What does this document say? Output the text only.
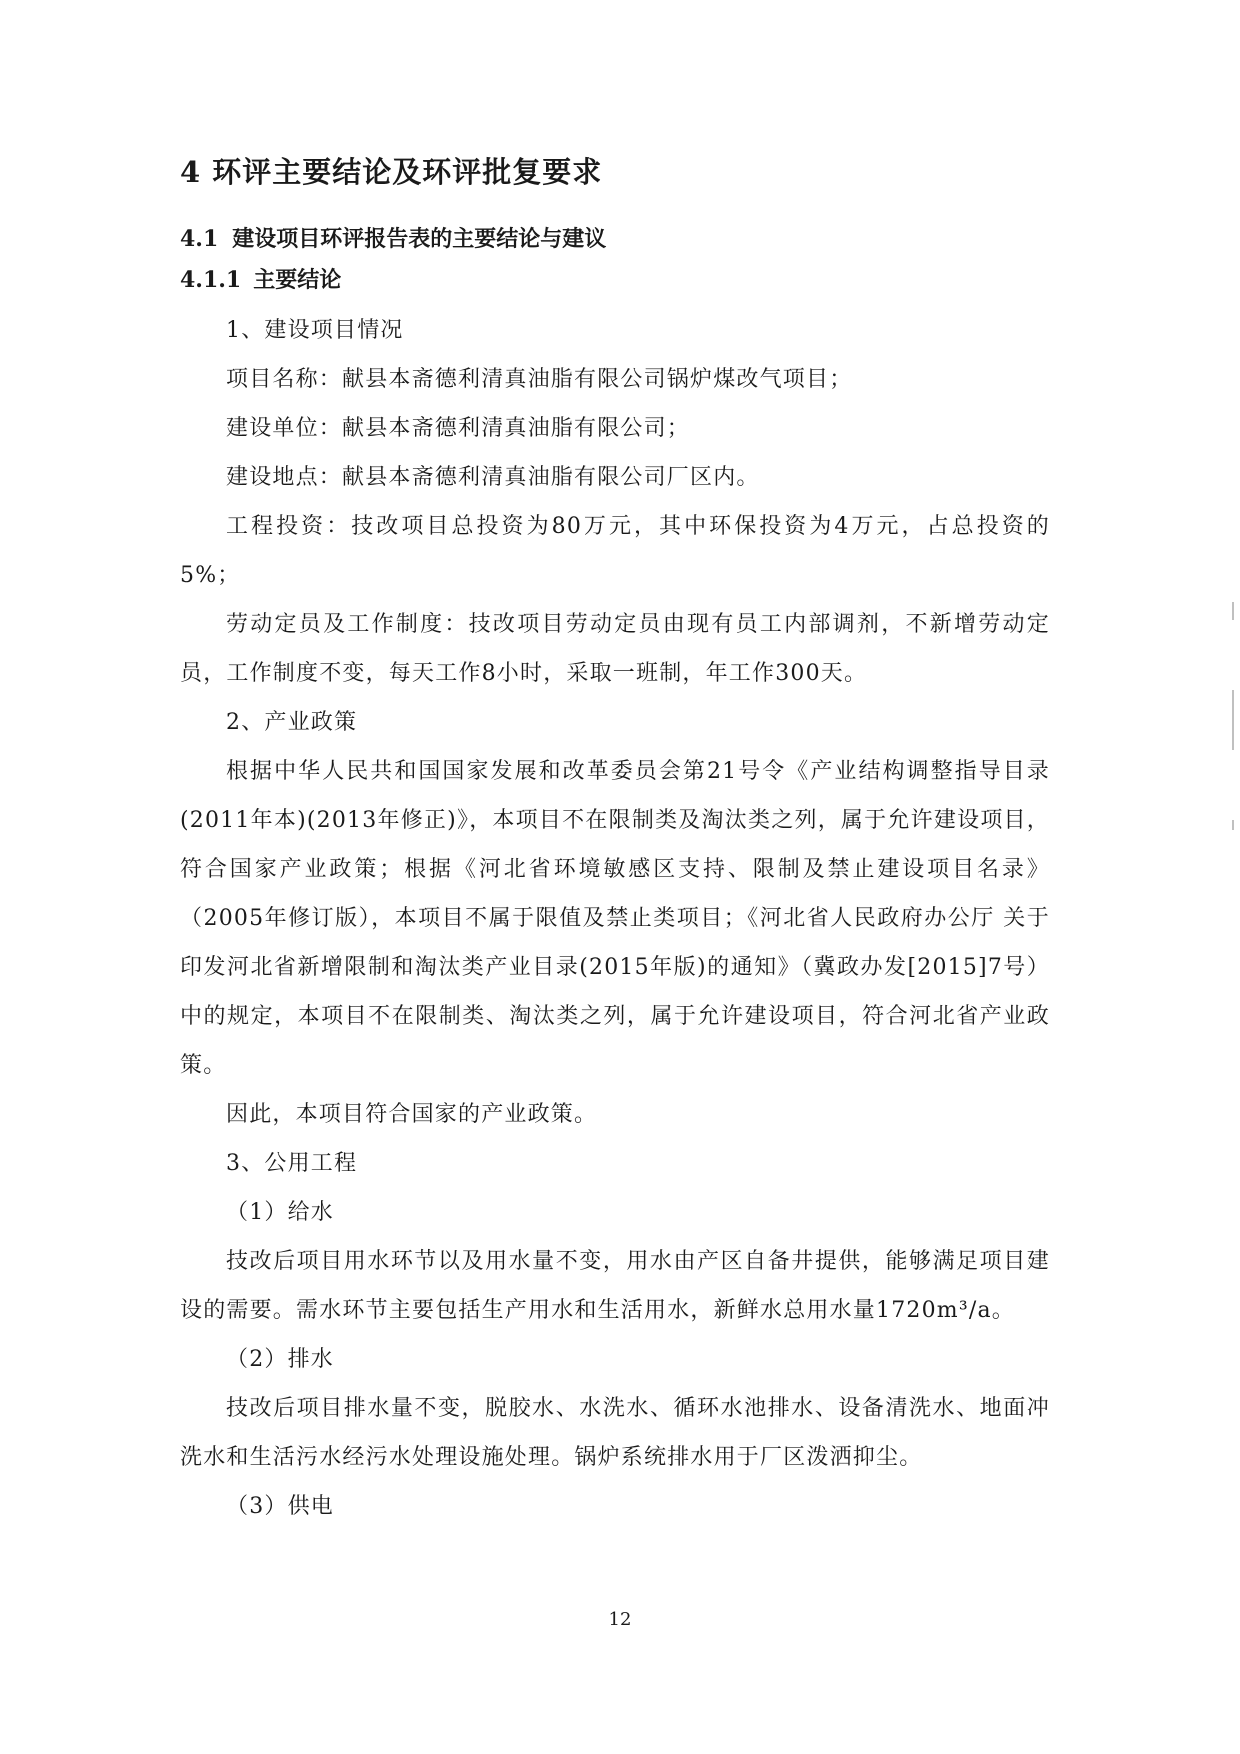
4 环评主要结论及环评批复要求
4.1 建设项目环评报告表的主要结论与建议
4.1.1 主要结论

1、建设项目情况

项目名称：献县本斋德利清真油脂有限公司锅炉煤改气项目；

建设单位：献县本斋德利清真油脂有限公司；

建设地点：献县本斋德利清真油脂有限公司厂区内。

工程投资：技改项目总投资为80万元，其中环保投资为4万元，占总投资的5%；

劳动定员及工作制度：技改项目劳动定员由现有员工内部调剂，不新增劳动定员，工作制度不变，每天工作8小时，采取一班制，年工作300天。

2、产业政策

根据中华人民共和国国家发展和改革委员会第21号令《产业结构调整指导目录(2011年本)(2013年修正)》，本项目不在限制类及淘汰类之列，属于允许建设项目，符合国家产业政策；根据《河北省环境敏感区支持、限制及禁止建设项目名录》（2005年修订版），本项目不属于限值及禁止类项目；《河北省人民政府办公厅 关于印发河北省新增限制和淘汰类产业目录(2015年版)的通知》（冀政办发[2015]7号）中的规定，本项目不在限制类、淘汰类之列，属于允许建设项目，符合河北省产业政策。

因此，本项目符合国家的产业政策。

3、公用工程

（1）给水

技改后项目用水环节以及用水量不变，用水由产区自备井提供，能够满足项目建设的需要。需水环节主要包括生产用水和生活用水，新鲜水总用水量1720m³/a。

（2）排水

技改后项目排水量不变，脱胶水、水洗水、循环水池排水、设备清洗水、地面冲洗水和生活污水经污水处理设施处理。锅炉系统排水用于厂区泼洒抑尘。

（3）供电

12
